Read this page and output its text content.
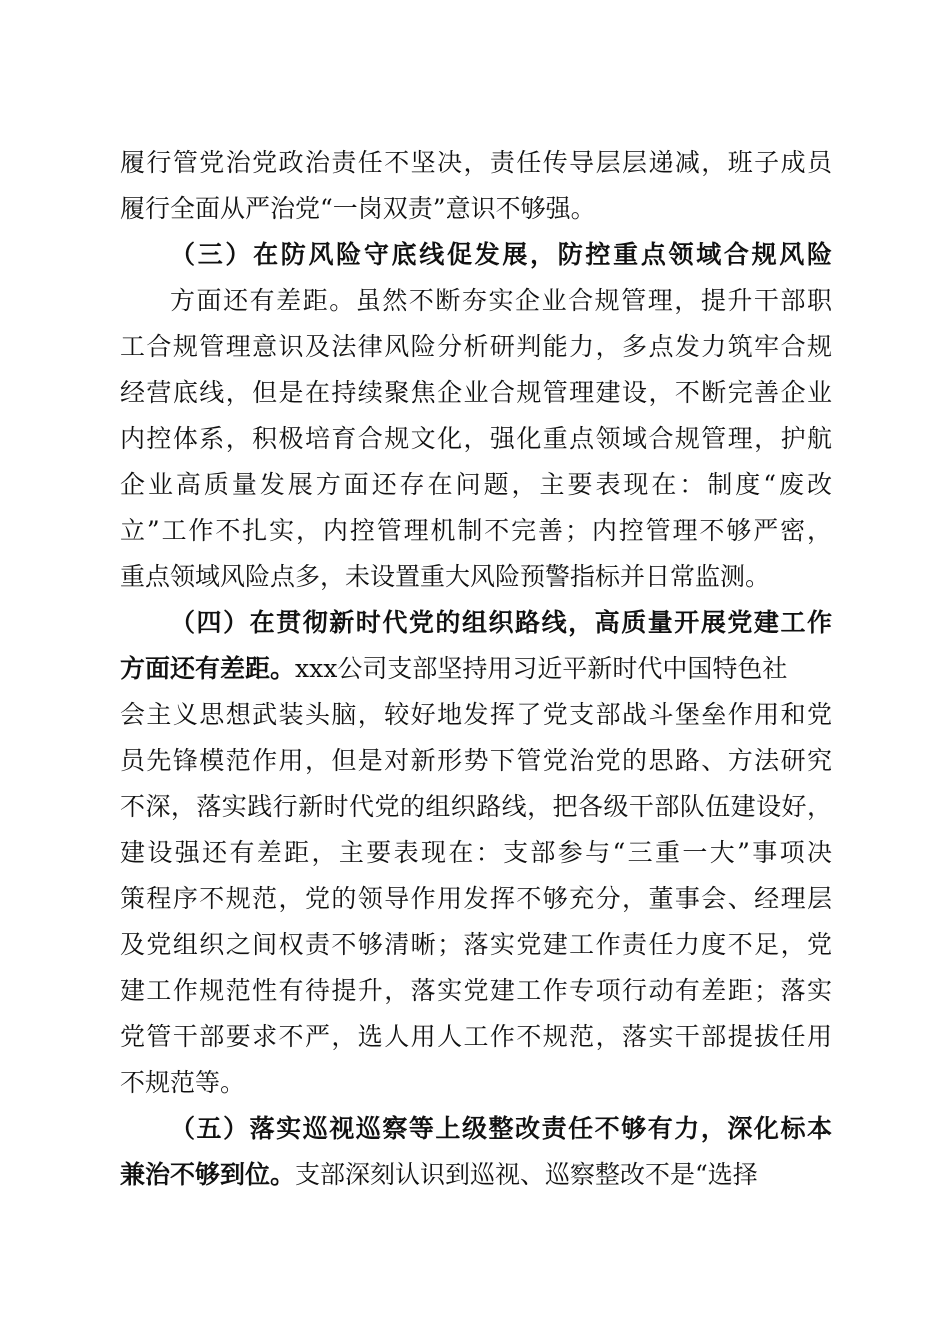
履行管党治党政治责任不坚决，责任传导层层递减，班子成员

履行全面从严治党“一岗双责”意识不够强。

（三）在防风险守底线促发展，防控重点领域合规风险

方面还有差距。虽然不断夯实企业合规管理，提升干部职

工合规管理意识及法律风险分析研判能力，多点发力筑牢合规

经营底线，但是在持续聚焦企业合规管理建设，不断完善企业

内控体系，积极培育合规文化，强化重点领域合规管理，护航

企业高质量发展方面还存在问题，主要表现在：制度“废改

立”工作不扎实，内控管理机制不完善；内控管理不够严密，

重点领域风险点多，未设置重大风险预警指标并日常监测。

（四）在贯彻新时代党的组织路线，高质量开展党建工作

方面还有差距。xxx公司支部坚持用习近平新时代中国特色社

会主义思想武装头脑，较好地发挥了党支部战斗堡垒作用和党

员先锋模范作用，但是对新形势下管党治党的思路、方法研究

不深，落实践行新时代党的组织路线，把各级干部队伍建设好，

建设强还有差距，主要表现在：支部参与“三重一大”事项决

策程序不规范，党的领导作用发挥不够充分，董事会、经理层

及党组织之间权责不够清晰；落实党建工作责任力度不足，党

建工作规范性有待提升，落实党建工作专项行动有差距；落实

党管干部要求不严，选人用人工作不规范，落实干部提拔任用

不规范等。

（五）落实巡视巡察等上级整改责任不够有力，深化标本

兼治不够到位。支部深刻认识到巡视、巡察整改不是“选择
